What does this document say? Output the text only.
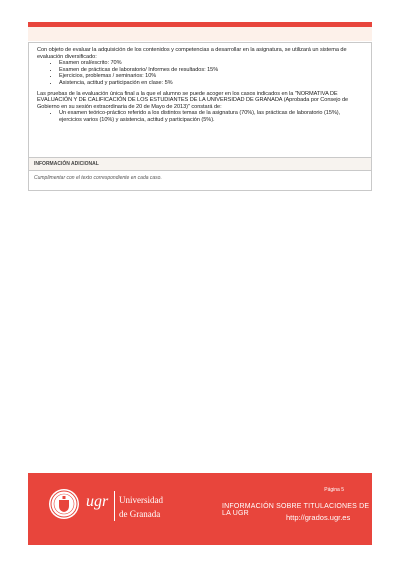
Con objeto de evaluar la adquisición de los contenidos y competencias a desarrollar en la asignatura, se utilizará un sistema de evaluación diversificado:

• Examen oral/escrito: 70%
• Examen de prácticas de laboratorio/ Informes de resultados: 15%
• Ejercicios, problemas / seminarios: 10%
• Asistencia, actitud y participación en clase: 5%

Las pruebas de la evaluación única final a la que el alumno se puede acoger en los casos indicados en la "NORMATIVA DE EVALUACIÓN Y DE CALIFICACIÓN DE LOS ESTUDIANTES DE LA UNIVERSIDAD DE GRANADA (Aprobada por Consejo de Gobierno en su sesión extraordinaria de 20 de Mayo de 2013)" constará de:

• Un examen teórico-práctico referido a los distintos temas de la asignatura (70%), las prácticas de laboratorio (15%), ejercicios varios (10%) y asistencia, actitud y participación (5%).
INFORMACIÓN ADICIONAL
Cumplimentar con el texto correspondiente en cada caso.
ugr Universidad
de Granada
Página 5
INFORMACIÓN SOBRE TITULACIONES DE LA UGR	http://grados.ugr.es
